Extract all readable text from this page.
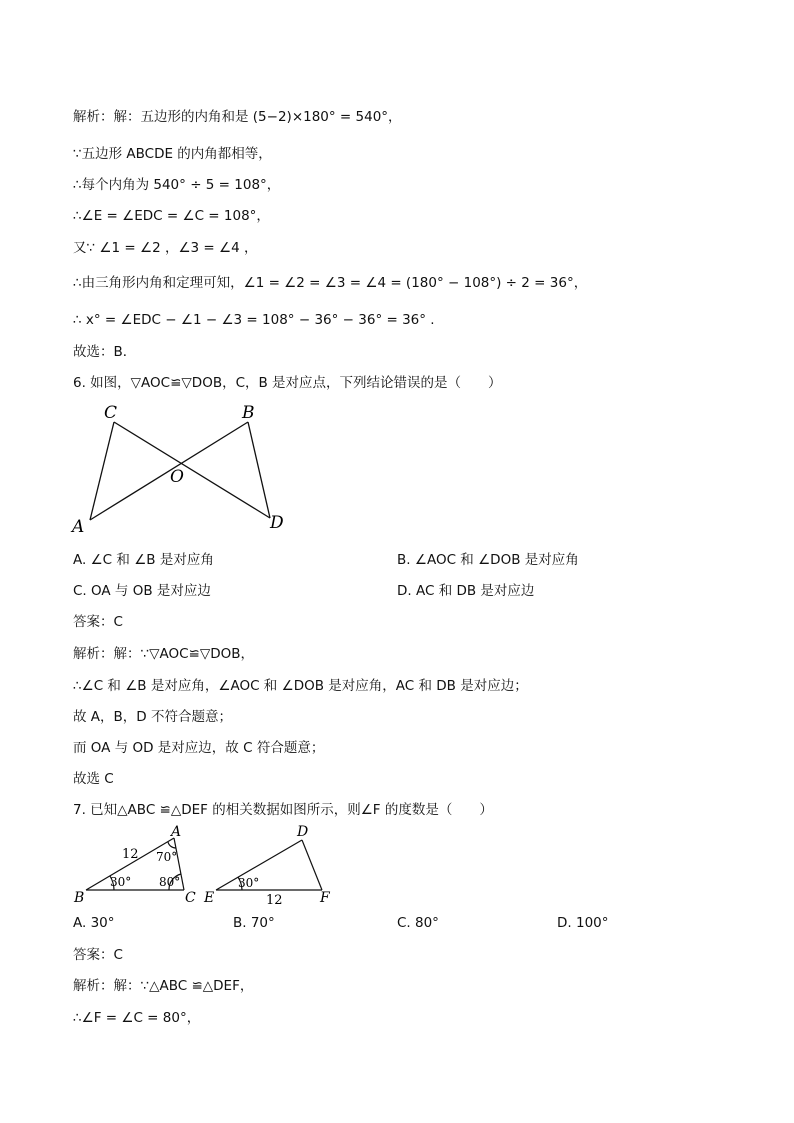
解析：解：五边形的内角和是 (5−2)×180° = 540°，
∵五边形 ABCDE 的内角都相等，
∴每个内角为 540° ÷ 5 = 108°，
∴∠E = ∠EDC = ∠C = 108°，
又∵ ∠1 = ∠2 ，∠3 = ∠4 ，
∴由三角形内角和定理可知，∠1 = ∠2 = ∠3 = ∠4 = (180° − 108°) ÷ 2 = 36°，
∴ x° = ∠EDC − ∠1 − ∠3 = 108° − 36° − 36° = 36° .
故选：B．
6. 如图，▽AOC≌▽DOB，C，B 是对应点，下列结论错误的是（　　）
C	B
O
A	D
A. ∠C 和 ∠B 是对应角	B. ∠AOC 和 ∠DOB 是对应角
C. OA 与 OB 是对应边	D. AC 和 DB 是对应边
答案：C
解析：解：∵▽AOC≌▽DOB，
∴∠C 和 ∠B 是对应角，∠AOC 和 ∠DOB 是对应角，AC 和 DB 是对应边；
故 A，B，D 不符合题意；
而 OA 与 OD 是对应边，故 C 符合题意；
故选 C
7. 已知△ABC ≌△DEF 的相关数据如图所示，则∠F 的度数是（　　）
A
B	C
12 70°
30° 80°
D
E	F
12
30°
A. 30°	B. 70°	C. 80°	D. 100°
答案：C
解析：解：∵△ABC ≌△DEF，
∴∠F = ∠C = 80°，
